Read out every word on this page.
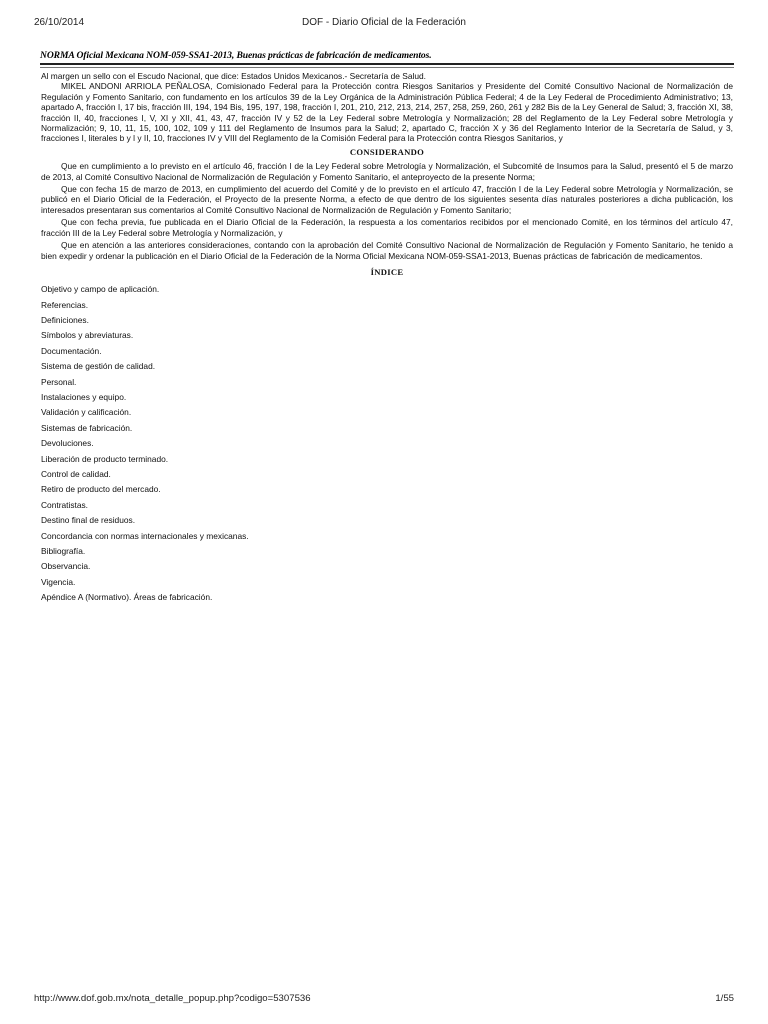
26/10/2014	DOF - Diario Oficial de la Federación
NORMA Oficial Mexicana NOM-059-SSA1-2013, Buenas prácticas de fabricación de medicamentos.

Al margen un sello con el Escudo Nacional, que dice: Estados Unidos Mexicanos.- Secretaría de Salud.

MIKEL ANDONI ARRIOLA PEÑALOSA, Comisionado Federal para la Protección contra Riesgos Sanitarios y Presidente del Comité Consultivo Nacional de Normalización de Regulación y Fomento Sanitario, con fundamento en los artículos 39 de la Ley Orgánica de la Administración Pública Federal; 4 de la Ley Federal de Procedimiento Administrativo; 13, apartado A, fracción I, 17 bis, fracción III, 194, 194 Bis, 195, 197, 198, fracción I, 201, 210, 212, 213, 214, 257, 258, 259, 260, 261 y 282 Bis de la Ley General de Salud; 3, fracción XI, 38, fracción II, 40, fracciones I, V, XI y XII, 41, 43, 47, fracción IV y 52 de la Ley Federal sobre Metrología y Normalización; 28 del Reglamento de la Ley Federal sobre Metrología y Normalización; 9, 10, 11, 15, 100, 102, 109 y 111 del Reglamento de Insumos para la Salud; 2, apartado C, fracción X y 36 del Reglamento Interior de la Secretaría de Salud, y 3, fracciones I, literales b y l y II, 10, fracciones IV y VIII del Reglamento de la Comisión Federal para la Protección contra Riesgos Sanitarios, y

CONSIDERANDO

Que en cumplimiento a lo previsto en el artículo 46, fracción I de la Ley Federal sobre Metrología y Normalización, el Subcomité de Insumos para la Salud, presentó el 5 de marzo de 2013, al Comité Consultivo Nacional de Normalización de Regulación y Fomento Sanitario, el anteproyecto de la presente Norma;

Que con fecha 15 de marzo de 2013, en cumplimiento del acuerdo del Comité y de lo previsto en el artículo 47, fracción I de la Ley Federal sobre Metrología y Normalización, se publicó en el Diario Oficial de la Federación, el Proyecto de la presente Norma, a efecto de que dentro de los siguientes sesenta días naturales posteriores a dicha publicación, los interesados presentaran sus comentarios al Comité Consultivo Nacional de Normalización de Regulación y Fomento Sanitario;

Que con fecha previa, fue publicada en el Diario Oficial de la Federación, la respuesta a los comentarios recibidos por el mencionado Comité, en los términos del artículo 47, fracción III de la Ley Federal sobre Metrología y Normalización, y

Que en atención a las anteriores consideraciones, contando con la aprobación del Comité Consultivo Nacional de Normalización de Regulación y Fomento Sanitario, he tenido a bien expedir y ordenar la publicación en el Diario Oficial de la Federación de la Norma Oficial Mexicana NOM-059-SSA1-2013, Buenas prácticas de fabricación de medicamentos.

ÍNDICE
Objetivo y campo de aplicación.
Referencias.
Definiciones.
Símbolos y abreviaturas.
Documentación.
Sistema de gestión de calidad.
Personal.
Instalaciones y equipo.
Validación y calificación.
Sistemas de fabricación.
Devoluciones.
Liberación de producto terminado.
Control de calidad.
Retiro de producto del mercado.
Contratistas.
Destino final de residuos.
Concordancia con normas internacionales y mexicanas.
Bibliografía.
Observancia.
Vigencia.
Apéndice A (Normativo). Áreas de fabricación.
http://www.dof.gob.mx/nota_detalle_popup.php?codigo=5307536	1/55
